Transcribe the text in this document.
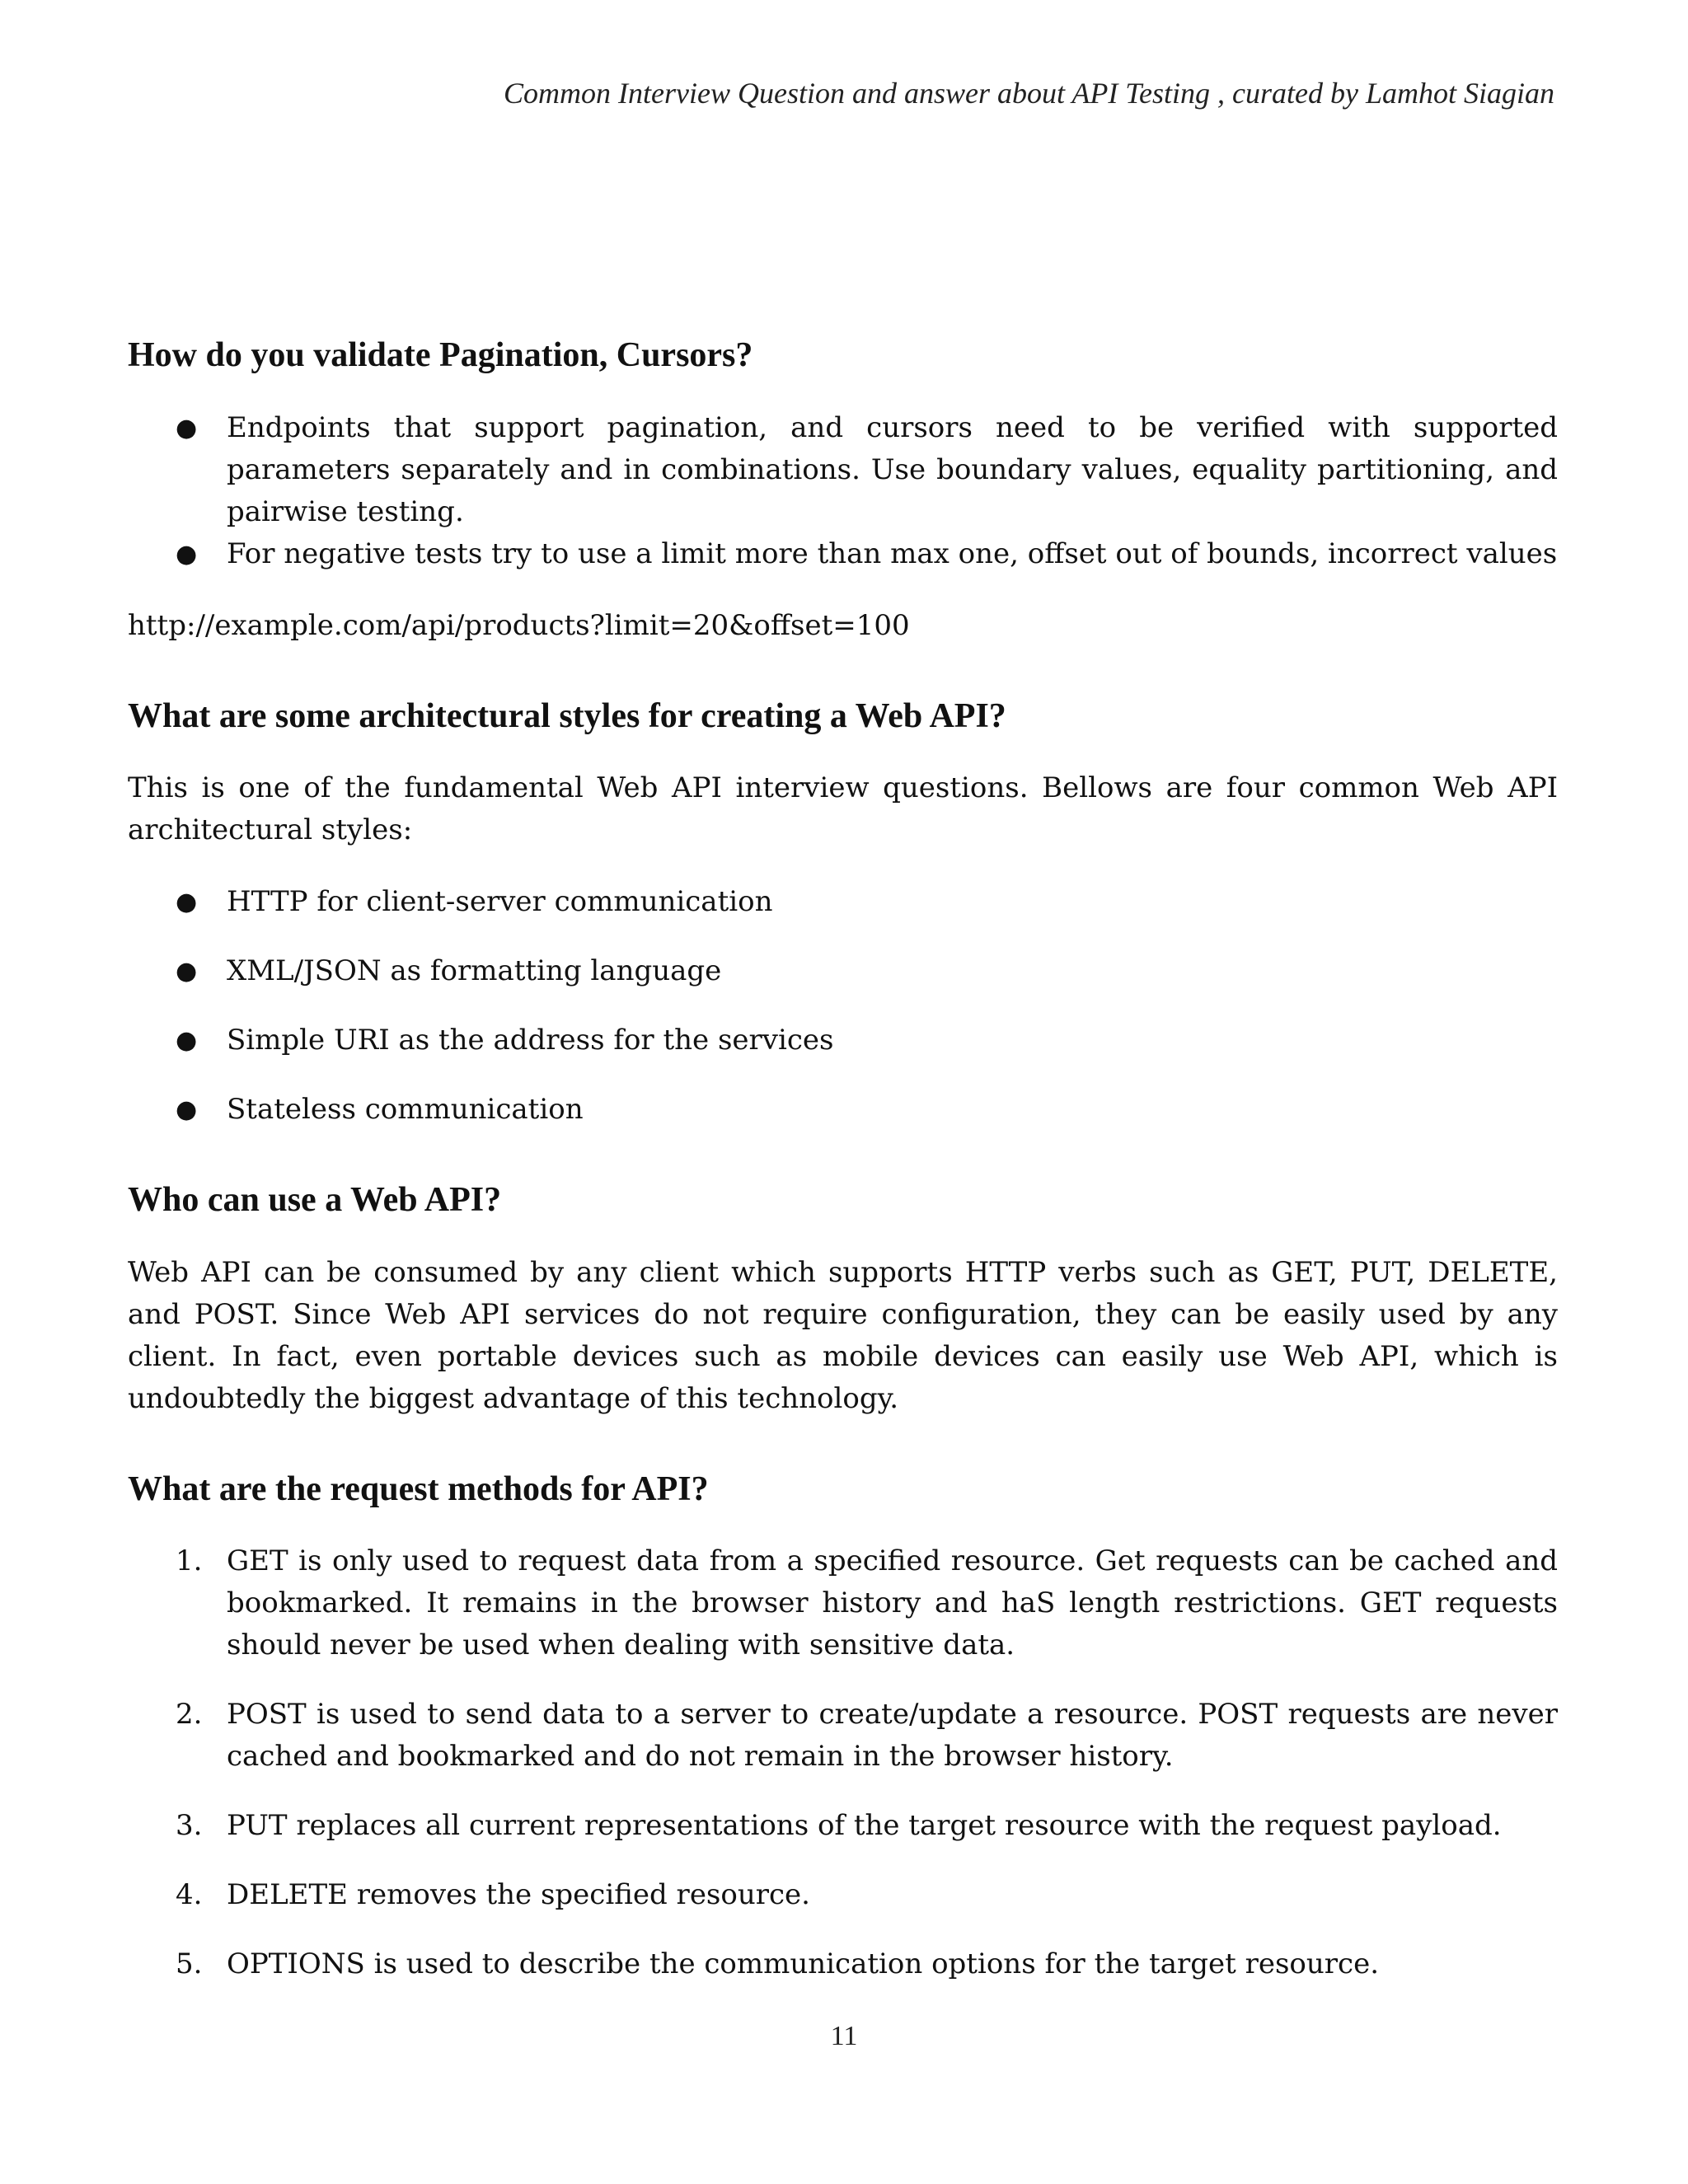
Common Interview Question and answer about API Testing , curated by Lamhot Siagian
How do you validate Pagination, Cursors?
● Endpoints that support pagination, and cursors need to be verified with supported parameters separately and in combinations. Use boundary values, equality partitioning, and pairwise testing.
● For negative tests try to use a limit more than max one, offset out of bounds, incorrect values
http://example.com/api/products?limit=20&offset=100
What are some architectural styles for creating a Web API?

This is one of the fundamental Web API interview questions. Bellows are four common Web API architectural styles:

● HTTP for client-server communication
● XML/JSON as formatting language
● Simple URI as the address for the services
● Stateless communication
Who can use a Web API?

Web API can be consumed by any client which supports HTTP verbs such as GET, PUT, DELETE, and POST. Since Web API services do not require configuration, they can be easily used by any client. In fact, even portable devices such as mobile devices can easily use Web API, which is undoubtedly the biggest advantage of this technology.

What are the request methods for API?
1. GET is only used to request data from a specified resource. Get requests can be cached and bookmarked. It remains in the browser history and haS length restrictions. GET requests should never be used when dealing with sensitive data.
2. POST is used to send data to a server to create/update a resource. POST requests are never cached and bookmarked and do not remain in the browser history.
3. PUT replaces all current representations of the target resource with the request payload.
4. DELETE removes the specified resource.
5. OPTIONS is used to describe the communication options for the target resource.
11
